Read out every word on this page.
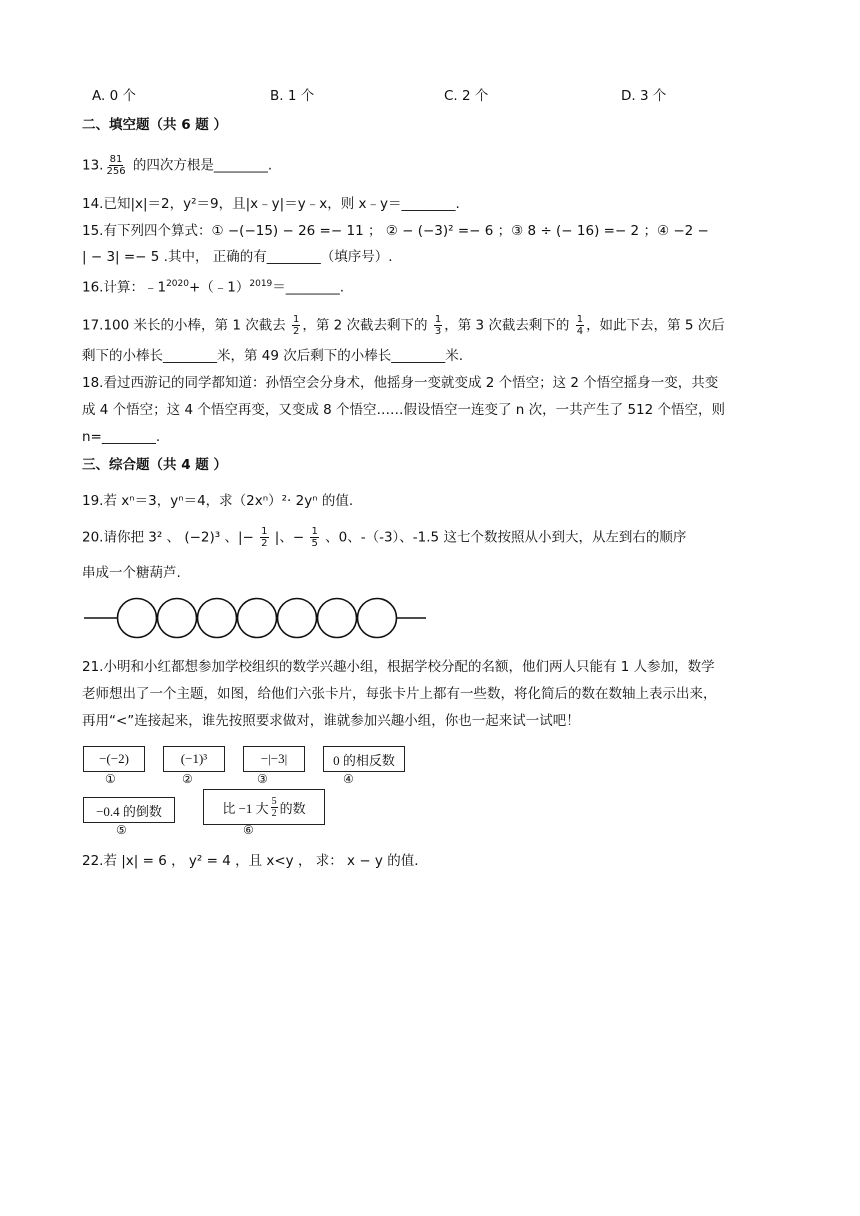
A. 0 个	B. 1 个	C. 2 个	D. 3 个
二、填空题（共 6 题 ）
13. $\frac{81}{256}$ 的四次方根是________.
14.已知|x|＝2，y²＝9，且|x﹣y|＝y﹣x，则 x﹣y＝________.
15.有下列四个算式：① −(−15) − 26 =− 11 ； ② − (−3)² =− 6 ；③ 8 ÷ (− 16) =− 2 ；④ −2 −
| − 3| =− 5 .其中， 正确的有________（填序号）.
16.计算：$﹣1^{2020}+(﹣1)^{2019}=\_\_\_\_\_\_\_\_$.
17.100 米长的小棒，第 1 次截去 $\frac{1}{2}$ ，第 2 次截去剩下的 $\frac{1}{3}$ ，第 3 次截去剩下的 $\frac{1}{4}$ ，如此下去，第 5 次后
剩下的小棒长________米，第 49 次后剩下的小棒长________米.
18.看过西游记的同学都知道：孙悟空会分身术，他摇身一变就变成 2 个悟空；这 2 个悟空摇身一变，共变
成 4 个悟空；这 4 个悟空再变，又变成 8 个悟空……假设悟空一连变了 n 次，一共产生了 512 个悟空，则
n=________.
三、综合题（共 4 题 ）
19.若 xⁿ＝3，yⁿ＝4，求（2xⁿ）²· 2yⁿ 的值.
20.请你把 3² 、 (−2)³ 、|− $\frac{1}{2}$ |、− $\frac{1}{5}$ 、0、-（-3）、-1.5 这七个数按照从小到大，从左到右的顺序
串成一个糖葫芦.
21.小明和小红都想参加学校组织的数学兴趣小组，根据学校分配的名额，他们两人只能有 1 人参加，数学
老师想出了一个主题，如图，给他们六张卡片，每张卡片上都有一些数，将化简后的数在数轴上表示出来，
再用“<”连接起来，谁先按照要求做对，谁就参加兴趣小组，你也一起来试一试吧！
−(−2)
①
(−1)³
②
−|−3|
③
0 的相反数
④
−0.4 的倒数
⑤
比 −1 大 $\frac{5}{2}$ 的数
⑥
22.若 |x| = 6 ， y² = 4 ，且 x<y ， 求： x − y 的值.
